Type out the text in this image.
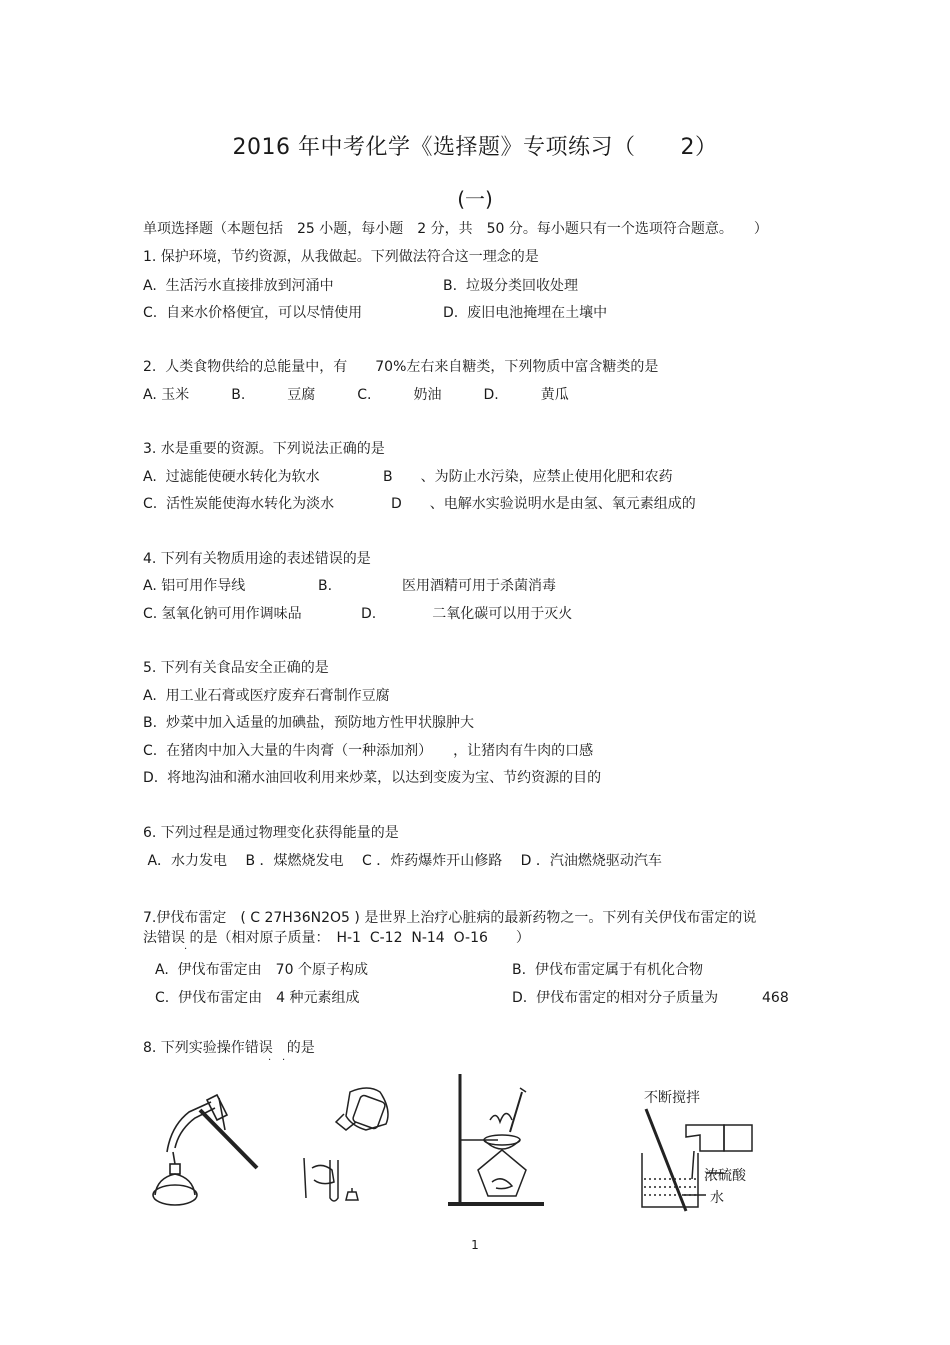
2016 年中考化学《选择题》专项练习（　　2）
(一)
单项选择题（本题包括　25 小题，每小题　2 分，共　50 分。每小题只有一个选项符合题意。　　）
1. 保护环境，节约资源，从我做起。下列做法符合这一理念的是
A.  生活污水直接排放到河涌中	B.  垃圾分类回收处理
C.  自来水价格便宜，可以尽情使用	D.  废旧电池掩埋在土壤中
2.  人类食物供给的总能量中，有　　70%左右来自糖类，下列物质中富含糖类的是
A. 玉米　　　B.　　　豆腐　　　C.　　　奶油　　　D.　　　黄瓜
3. 水是重要的资源。下列说法正确的是
A.  过滤能使硬水转化为软水	B　　、为防止水污染，应禁止使用化肥和农药
C.  活性炭能使海水转化为淡水	D　　、电解水实验说明水是由氢、氧元素组成的
4. 下列有关物质用途的表述错误的是
A. 铝可用作导线	B.　　　　　医用酒精可用于杀菌消毒
C. 氢氧化钠可用作调味品	D.　　　　二氧化碳可以用于灭火
5. 下列有关食品安全正确的是
A.  用工业石膏或医疗废弃石膏制作豆腐
B.  炒菜中加入适量的加碘盐，预防地方性甲状腺肿大
C.  在猪肉中加入大量的牛肉膏（一种添加剂）　　，让猪肉有牛肉的口感
D.  将地沟油和潲水油回收利用来炒菜，以达到变废为宝、节约资源的目的
6. 下列过程是通过物理变化获得能量的是
A．水力发电　 B ．煤燃烧发电　 C ．炸药爆炸开山修路　 D ．汽油燃烧驱动汽车
7.伊伐布雷定　( C 27H36N2O5 ) 是世界上治疗心脏病的最新药物之一。下列有关伊伐布雷定的说
法错误 的是（相对原子质量：　H-1  C-12  N-14  O-16　　）
·
A.  伊伐布雷定由　70 个原子构成	B.  伊伐布雷定属于有机化合物
C.  伊伐布雷定由　4 种元素组成	D.  伊伐布雷定的相对分子质量为	468
8. 下列实验操作错误　的是
· ·
不断搅拌
浓硫酸
水
1
